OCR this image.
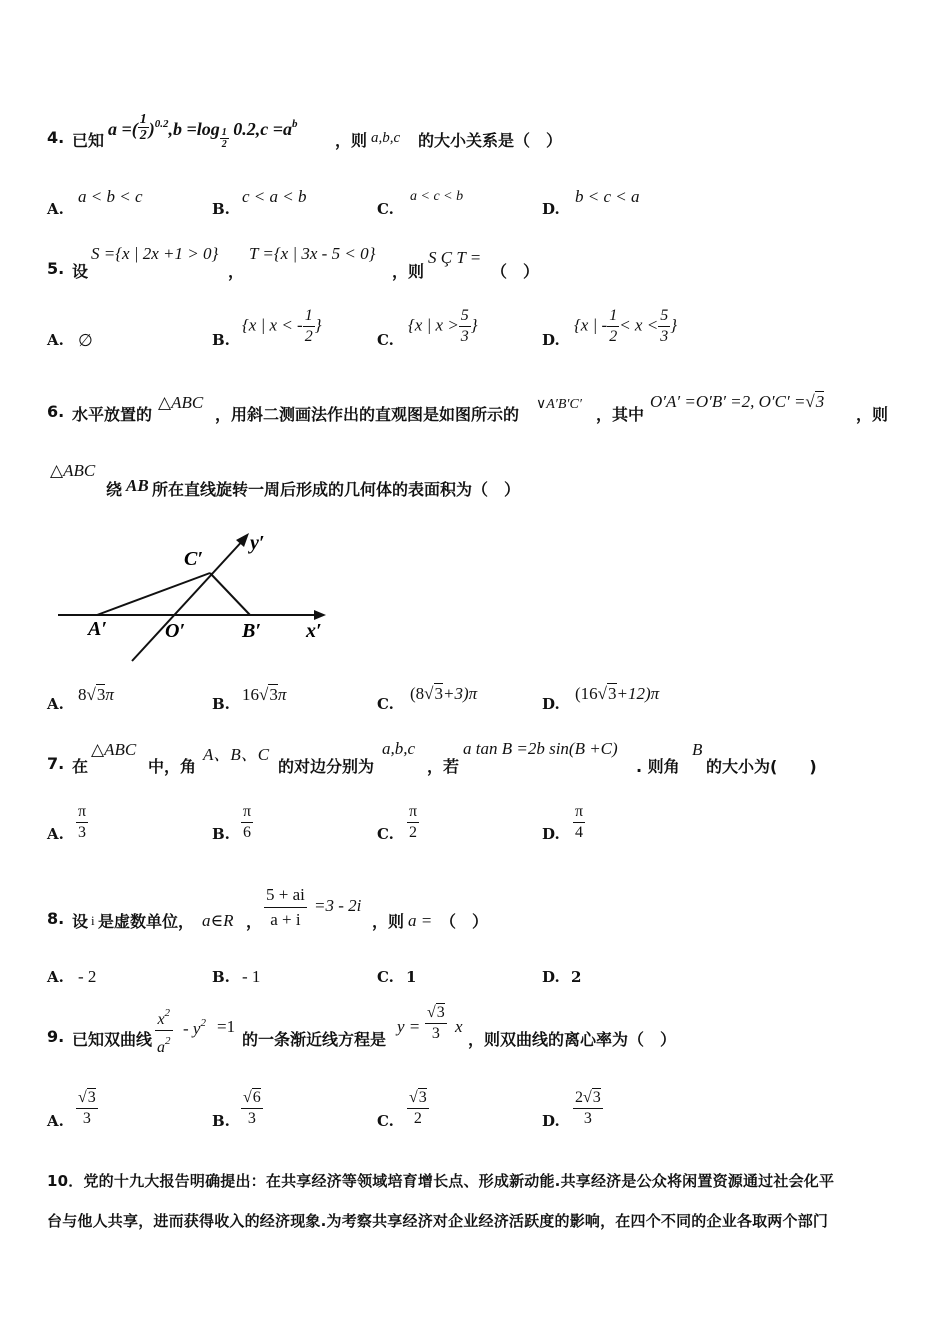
4. 已知
a =( $\frac{1}{2} )^{0.2},b =\log \frac{1}{2} 0.2,c =a^b$
，则 a,b,c 的大小关系是（　）
A.
a < b < c
B.
c < a < b
C.
a < c < b
D.
b < c < a
5. 设
S ={x | 2x +1 > 0}
，
T ={x | 3x - 5 < 0}
，则
S Ç T =
（　）
A. ∅	B.
{x | x < - $\frac{1}{2}$ }
C.
{x | $x > \frac{5}{3}$ }
D.
{x | - $\frac{1}{2} < x < \frac{5}{3}$ }
6. 水平放置的
△ABC
，用斜二测画法作出的直观图是如图所示的
∨A′B′C′
，其中
O′A′ =O′B′ =2, O′C′ =√3
，则
△ABC
绕 AB 所在直线旋转一周后形成的几何体的表面积为（　）
C′
y′
A′	O′	B′ x′
A. 8√3π	B. 16√3π	C.
(8√3+3)π
D.
(16√3+12)π
7. 在
△ABC
中，角
A、B、C
的对边分别为
a,b,c
，若
a tan B =2b sin(B +C)
. 则角
B
的大小为(　　)
A. $\frac{\pi}{3}$	B. $\frac{\pi}{6}$	C. $\frac{\pi}{2}$	D. $\frac{\pi}{4}$
8. 设 i 是虚数单位， a∈R ， $\frac{5 + ai}{a + i} =3 - 2i$
，则 a = （　）
A. - 2	B. - 1	C. 1	D. 2
9. 已知双曲线 $\frac{x^2}{a^2} - y^2 =1$
的一条渐近线方程是
$y = \frac{√3}{3}$ x
，则双曲线的离心率为（　）
A. $\frac{√3}{3}$	B. $\frac{√6}{3}$	C. $\frac{√3}{2}$	D. $\frac{2√3}{3}$
10．党的十九大报告明确提出：在共享经济等领域培育增长点、形成新动能.共享经济是公众将闲置资源通过社会化平
台与他人共享，进而获得收入的经济现象.为考察共享经济对企业经济活跃度的影响，在四个不同的企业各取两个部门
